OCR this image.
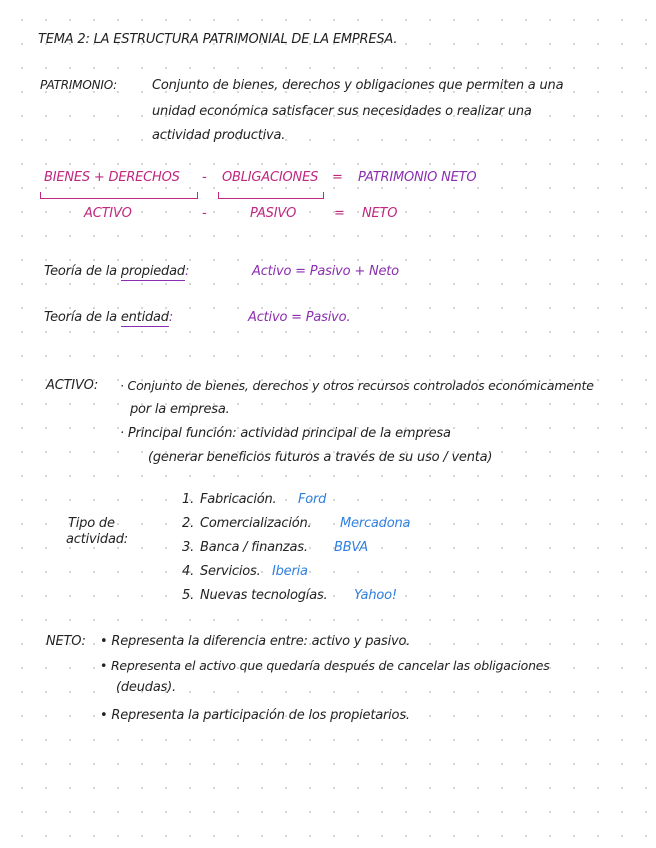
TEMA 2: LA ESTRUCTURA PATRIMONIAL DE LA EMPRESA.
PATRIMONIO:	Conjunto de bienes, derechos y obligaciones que permiten a una
unidad económica satisfacer sus necesidades o realizar una
actividad productiva.
BIENES + DERECHOS - OBLIGACIONES = PATRIMONIO NETO
ACTIVO	-	PASIVO	= NETO
Teoría de la propiedad:	Activo = Pasivo + Neto
Teoría de la entidad:	Activo = Pasivo.
ACTIVO: · Conjunto de bienes, derechos y otros recursos controlados económicamente
por la empresa.
· Principal función: actividad principal de la empresa
(generar beneficios futuros a través de su uso / venta)
Tipo de
actividad:
1. Fabricación. Ford
2. Comercialización. Mercadona
3. Banca / finanzas. BBVA
4. Servicios. Iberia
5. Nuevas tecnologías. Yahoo!
NETO: • Representa la diferencia entre: activo y pasivo.
• Representa el activo que quedaría después de cancelar las obligaciones
(deudas).
• Representa la participación de los propietarios.
